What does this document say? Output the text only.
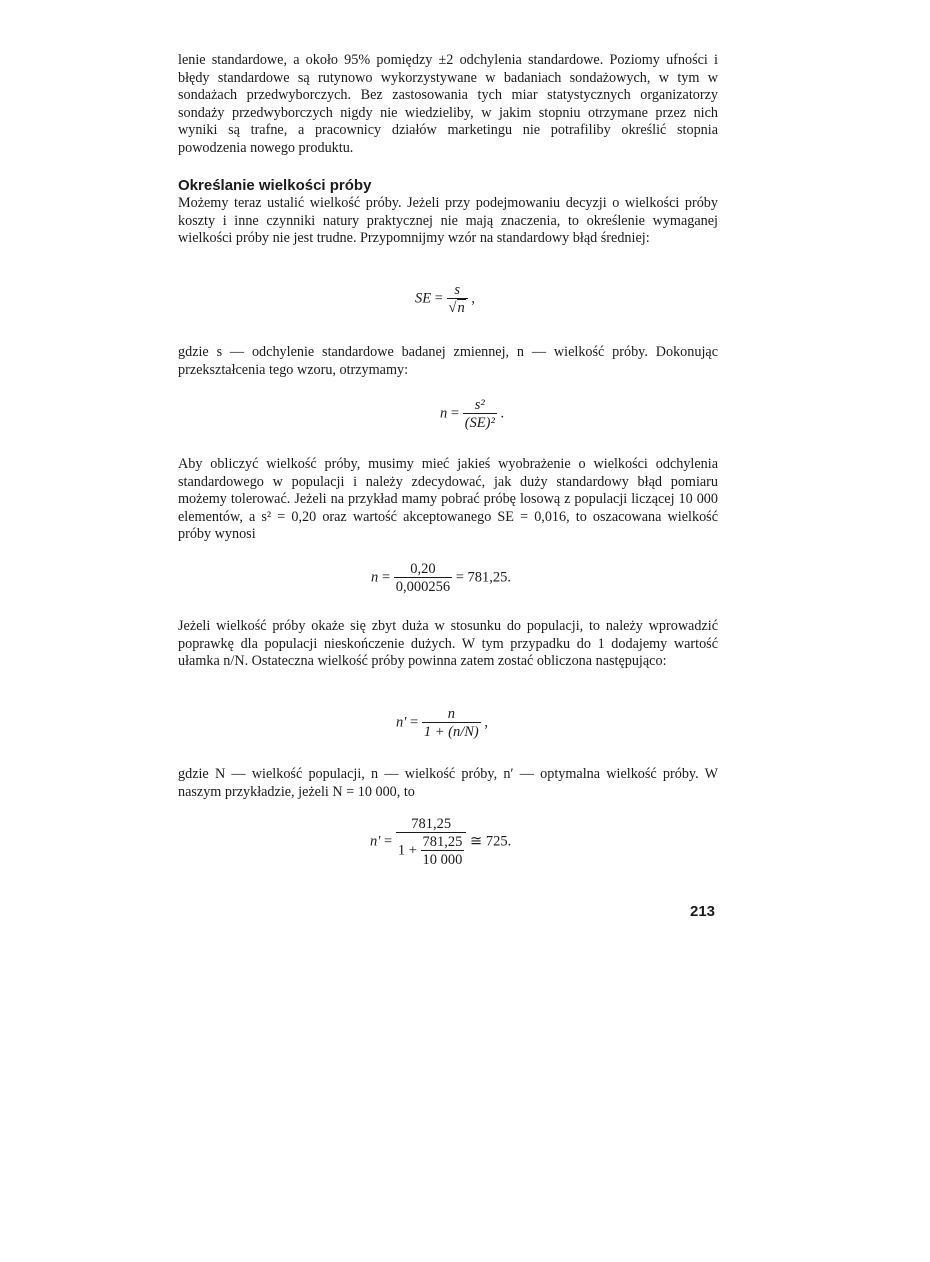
lenie standardowe, a około 95% pomiędzy ±2 odchylenia standardowe. Poziomy ufności i błędy standardowe są rutynowo wykorzystywane w badaniach sondażowych, w tym w sondażach przedwyborczych. Bez zastosowania tych miar statystycznych organizatorzy sondaży przedwyborczych nigdy nie wiedzieliby, w jakim stopniu otrzymane przez nich wyniki są trafne, a pracownicy działów marketingu nie potrafiliby określić stopnia powodzenia nowego produktu.

Określanie wielkości próby

Możemy teraz ustalić wielkość próby. Jeżeli przy podejmowaniu decyzji o wielkości próby koszty i inne czynniki natury praktycznej nie mają znaczenia, to określenie wymaganej wielkości próby nie jest trudne. Przypomnijmy wzór na standardowy błąd średniej:

SE = $\frac{s}{√n}$ ,

gdzie s — odchylenie standardowe badanej zmiennej, n — wielkość próby. Dokonując przekształcenia tego wzoru, otrzymamy:

$n = \frac{\text{s²}}{\text{(SE)²}}$ .

Aby obliczyć wielkość próby, musimy mieć jakieś wyobrażenie o wielkości odchylenia standardowego w populacji i należy zdecydować, jak duży standardowy błąd pomiaru możemy tolerować. Jeżeli na przykład mamy pobrać próbę losową z populacji liczącej 10 000 elementów, a s² = 0,20 oraz wartość akceptowanego SE = 0,016, to oszacowana wielkość próby wynosi

$n = \frac{0,20}{0,000256} = 781,25$.

Jeżeli wielkość próby okaże się zbyt duża w stosunku do populacji, to należy wprowadzić poprawkę dla populacji nieskończenie dużych. W tym przypadku do 1 dodajemy wartość ułamka n/N. Ostateczna wielkość próby powinna zatem zostać obliczona następująco:

$n' = \frac{n}{1 + (n/N)}$ ,

gdzie N — wielkość populacji, n — wielkość próby, n′ — optymalna wielkość próby. W naszym przykładzie, jeżeli N = 10 000, to

$n' = \frac{781,25}{1 + \frac{781,25}{10 000}}$ ≅ 725.

213
